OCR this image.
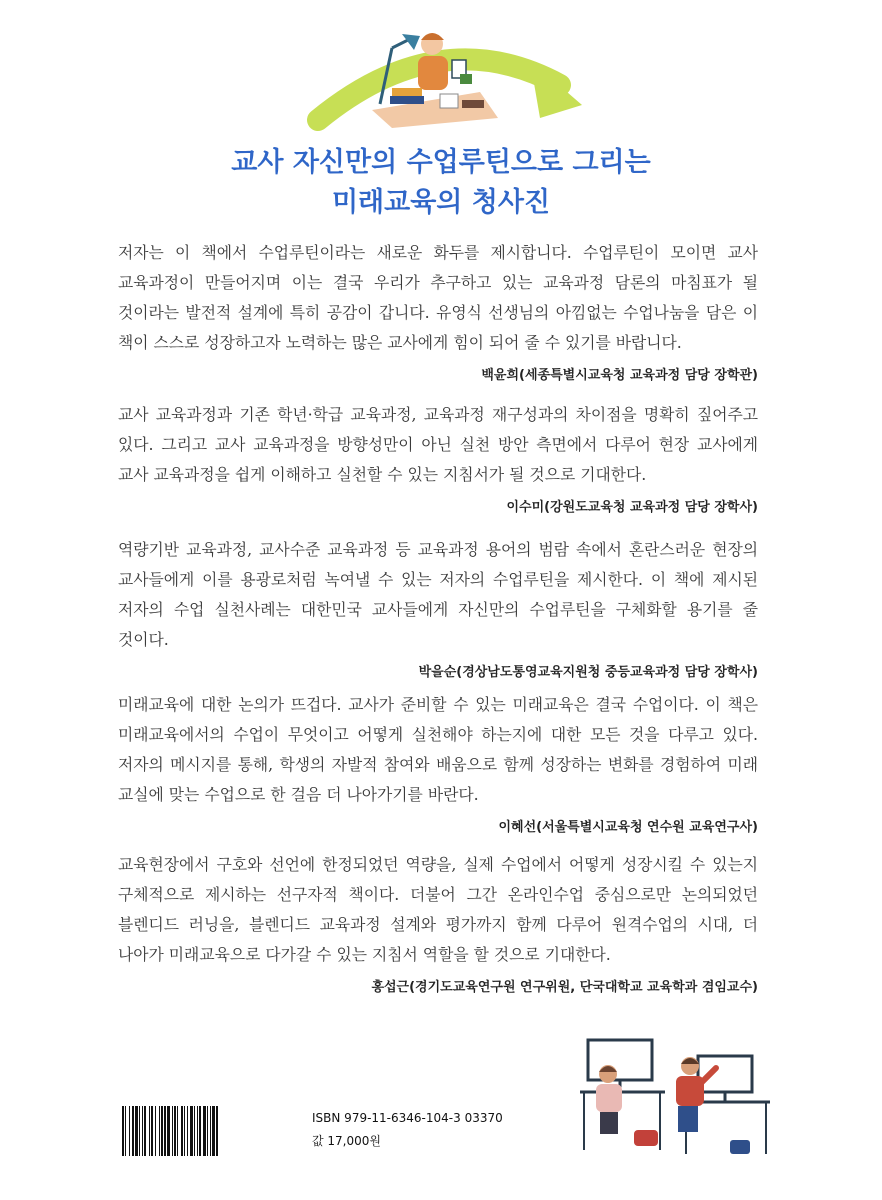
교사 자신만의 수업루틴으로 그리는
미래교육의 청사진

저자는 이 책에서 수업루틴이라는 새로운 화두를 제시합니다. 수업루틴이 모이면 교사 교육과정이 만들어지며 이는 결국 우리가 추구하고 있는 교육과정 담론의 마침표가 될 것이라는 발전적 설계에 특히 공감이 갑니다. 유영식 선생님의 아낌없는 수업나눔을 담은 이 책이 스스로 성장하고자 노력하는 많은 교사에게 힘이 되어 줄 수 있기를 바랍니다.

백윤희(세종특별시교육청 교육과정 담당 장학관)

교사 교육과정과 기존 학년·학급 교육과정, 교육과정 재구성과의 차이점을 명확히 짚어주고 있다. 그리고 교사 교육과정을 방향성만이 아닌 실천 방안 측면에서 다루어 현장 교사에게 교사 교육과정을 쉽게 이해하고 실천할 수 있는 지침서가 될 것으로 기대한다.

이수미(강원도교육청 교육과정 담당 장학사)

역량기반 교육과정, 교사수준 교육과정 등 교육과정 용어의 범람 속에서 혼란스러운 현장의 교사들에게 이를 용광로처럼 녹여낼 수 있는 저자의 수업루틴을 제시한다. 이 책에 제시된 저자의 수업 실천사례는 대한민국 교사들에게 자신만의 수업루틴을 구체화할 용기를 줄 것이다.

박을순(경상남도통영교육지원청 중등교육과정 담당 장학사)

미래교육에 대한 논의가 뜨겁다. 교사가 준비할 수 있는 미래교육은 결국 수업이다. 이 책은 미래교육에서의 수업이 무엇이고 어떻게 실천해야 하는지에 대한 모든 것을 다루고 있다. 저자의 메시지를 통해, 학생의 자발적 참여와 배움으로 함께 성장하는 변화를 경험하여 미래 교실에 맞는 수업으로 한 걸음 더 나아가기를 바란다.

이혜선(서울특별시교육청 연수원 교육연구사)

교육현장에서 구호와 선언에 한정되었던 역량을, 실제 수업에서 어떻게 성장시킬 수 있는지 구체적으로 제시하는 선구자적 책이다. 더불어 그간 온라인수업 중심으로만 논의되었던 블렌디드 러닝을, 블렌디드 교육과정 설계와 평가까지 함께 다루어 원격수업의 시대, 더 나아가 미래교육으로 다가갈 수 있는 지침서 역할을 할 것으로 기대한다.

홍섭근(경기도교육연구원 연구위원, 단국대학교 교육학과 겸임교수)

ISBN 979-11-6346-104-3 03370
값 17,000원
